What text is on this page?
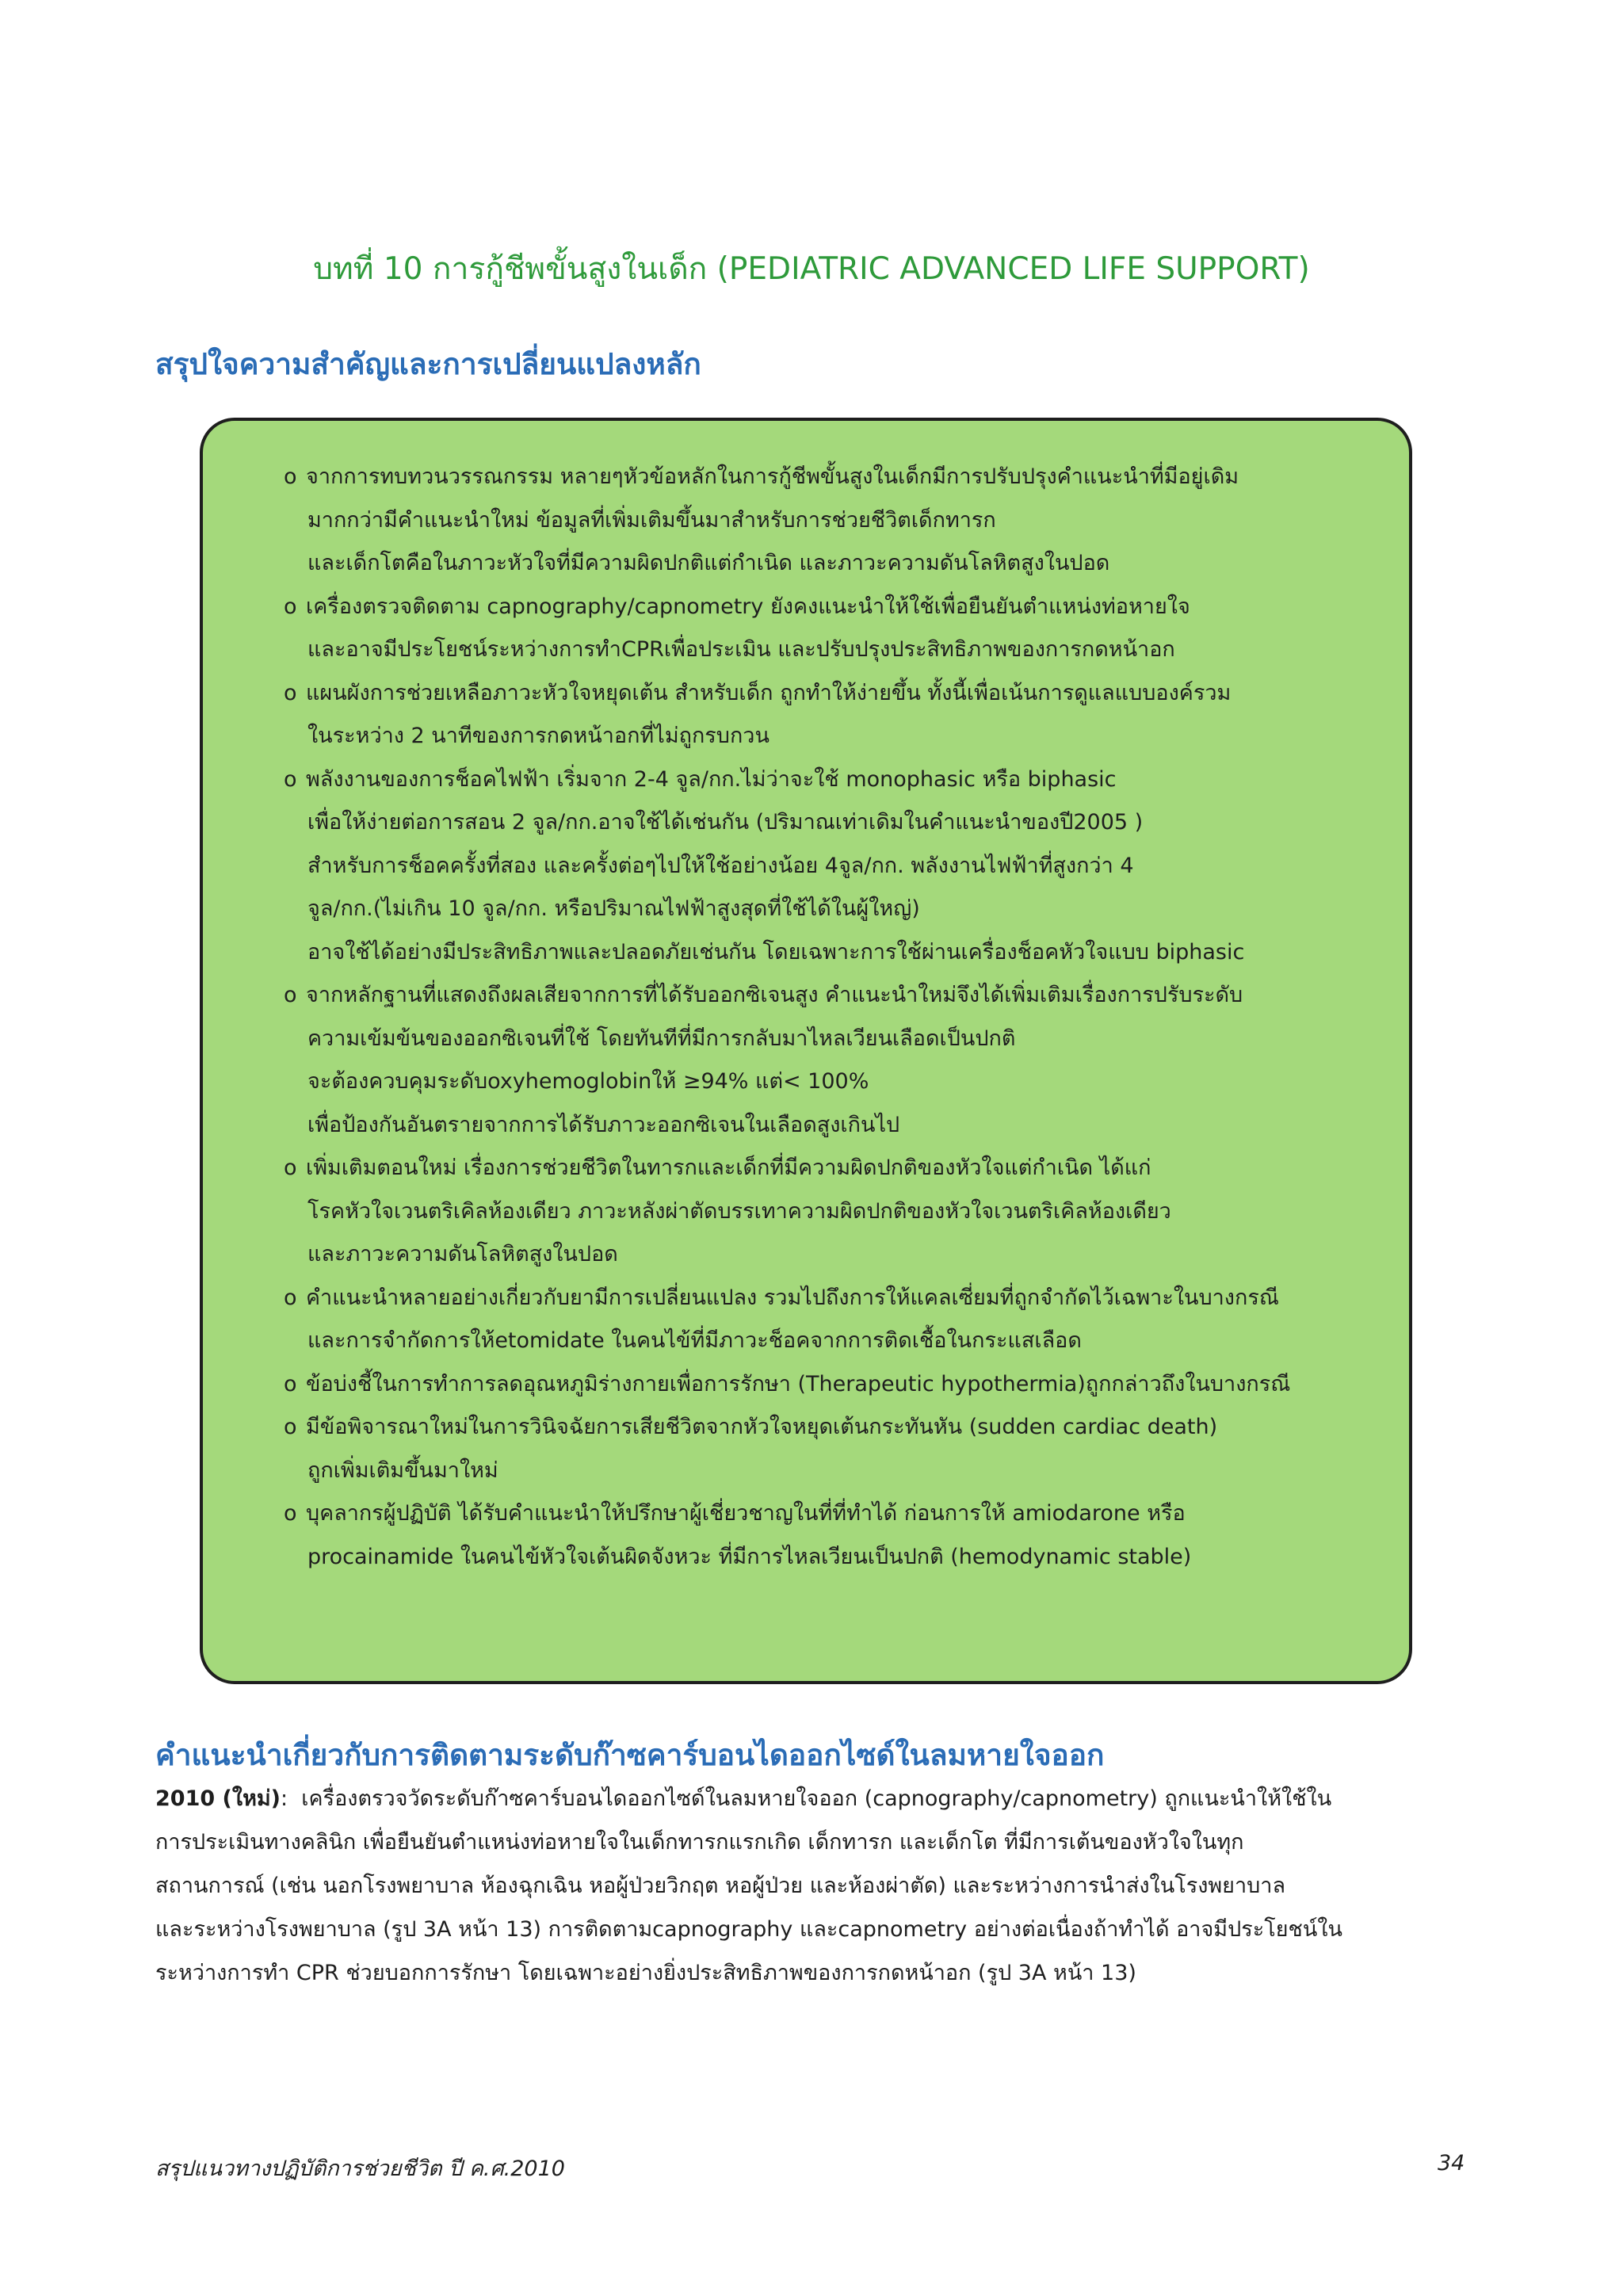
บทที่ 10 การกู้ชีพขั้นสูงในเด็ก (PEDIATRIC ADVANCED LIFE SUPPORT)
สรุปใจความสำคัญและการเปลี่ยนแปลงหลัก
o จากการทบทวนวรรณกรรม หลายๆหัวข้อหลักในการกู้ชีพขั้นสูงในเด็กมีการปรับปรุงคำแนะนำที่มีอยู่เดิม
มากกว่ามีคำแนะนำใหม่ ข้อมูลที่เพิ่มเติมขึ้นมาสำหรับการช่วยชีวิตเด็กทารก
และเด็กโตคือในภาวะหัวใจที่มีความผิดปกติแต่กำเนิด และภาวะความดันโลหิตสูงในปอด
o เครื่องตรวจติดตาม capnography/capnometry ยังคงแนะนำให้ใช้เพื่อยืนยันตำแหน่งท่อหายใจ
และอาจมีประโยชน์ระหว่างการทำCPRเพื่อประเมิน และปรับปรุงประสิทธิภาพของการกดหน้าอก
o แผนผังการช่วยเหลือภาวะหัวใจหยุดเต้น สำหรับเด็ก ถูกทำให้ง่ายขึ้น ทั้งนี้เพื่อเน้นการดูแลแบบองค์รวม
ในระหว่าง 2 นาทีของการกดหน้าอกที่ไม่ถูกรบกวน
o พลังงานของการช็อคไฟฟ้า เริ่มจาก 2-4 จูล/กก.ไม่ว่าจะใช้ monophasic หรือ biphasic
เพื่อให้ง่ายต่อการสอน 2 จูล/กก.อาจใช้ได้เช่นกัน (ปริมาณเท่าเดิมในคำแนะนำของปี2005 )
สำหรับการช็อคครั้งที่สอง และครั้งต่อๆไปให้ใช้อย่างน้อย 4จูล/กก. พลังงานไฟฟ้าที่สูงกว่า 4
จูล/กก.(ไม่เกิน 10 จูล/กก. หรือปริมาณไฟฟ้าสูงสุดที่ใช้ได้ในผู้ใหญ่)
อาจใช้ได้อย่างมีประสิทธิภาพและปลอดภัยเช่นกัน โดยเฉพาะการใช้ผ่านเครื่องช็อคหัวใจแบบ biphasic
o จากหลักฐานที่แสดงถึงผลเสียจากการที่ได้รับออกซิเจนสูง คำแนะนำใหม่จึงได้เพิ่มเติมเรื่องการปรับระดับ
ความเข้มข้นของออกซิเจนที่ใช้ โดยทันทีที่มีการกลับมาไหลเวียนเลือดเป็นปกติ
จะต้องควบคุมระดับoxyhemoglobinให้ ≥94% แต่< 100%
เพื่อป้องกันอันตรายจากการได้รับภาวะออกซิเจนในเลือดสูงเกินไป
o เพิ่มเติมตอนใหม่ เรื่องการช่วยชีวิตในทารกและเด็กที่มีความผิดปกติของหัวใจแต่กำเนิด ได้แก่
โรคหัวใจเวนตริเคิลห้องเดียว ภาวะหลังผ่าตัดบรรเทาความผิดปกติของหัวใจเวนตริเคิลห้องเดียว
และภาวะความดันโลหิตสูงในปอด
o คำแนะนำหลายอย่างเกี่ยวกับยามีการเปลี่ยนแปลง รวมไปถึงการให้แคลเซี่ยมที่ถูกจำกัดไว้เฉพาะในบางกรณี
และการจำกัดการให้etomidate ในคนไข้ที่มีภาวะช็อคจากการติดเชื้อในกระแสเลือด
o ข้อบ่งชี้ในการทำการลดอุณหภูมิร่างกายเพื่อการรักษา (Therapeutic hypothermia)ถูกกล่าวถึงในบางกรณี
o มีข้อพิจารณาใหม่ในการวินิจฉัยการเสียชีวิตจากหัวใจหยุดเต้นกระทันหัน (sudden cardiac death)
ถูกเพิ่มเติมขึ้นมาใหม่
o บุคลากรผู้ปฏิบัติ ได้รับคำแนะนำให้ปรึกษาผู้เชี่ยวชาญในที่ที่ทำได้ ก่อนการให้ amiodarone หรือ
procainamide ในคนไข้หัวใจเต้นผิดจังหวะ ที่มีการไหลเวียนเป็นปกติ (hemodynamic stable)
คำแนะนำเกี่ยวกับการติดตามระดับก๊าซคาร์บอนไดออกไซด์ในลมหายใจออก
2010 (ใหม่):  เครื่องตรวจวัดระดับก๊าซคาร์บอนไดออกไซด์ในลมหายใจออก (capnography/capnometry) ถูกแนะนำให้ใช้ใน
การประเมินทางคลินิก เพื่อยืนยันตำแหน่งท่อหายใจในเด็กทารกแรกเกิด เด็กทารก และเด็กโต ที่มีการเต้นของหัวใจในทุก
สถานการณ์ (เช่น นอกโรงพยาบาล ห้องฉุกเฉิน หอผู้ป่วยวิกฤต หอผู้ป่วย และห้องผ่าตัด) และระหว่างการนำส่งในโรงพยาบาล
และระหว่างโรงพยาบาล (รูป 3A หน้า 13) การติดตามcapnography และcapnometry อย่างต่อเนื่องถ้าทำได้ อาจมีประโยชน์ใน
ระหว่างการทำ CPR ช่วยบอกการรักษา โดยเฉพาะอย่างยิ่งประสิทธิภาพของการกดหน้าอก (รูป 3A หน้า 13)
สรุปแนวทางปฏิบัติการช่วยชีวิต ปี ค.ศ.2010	34
